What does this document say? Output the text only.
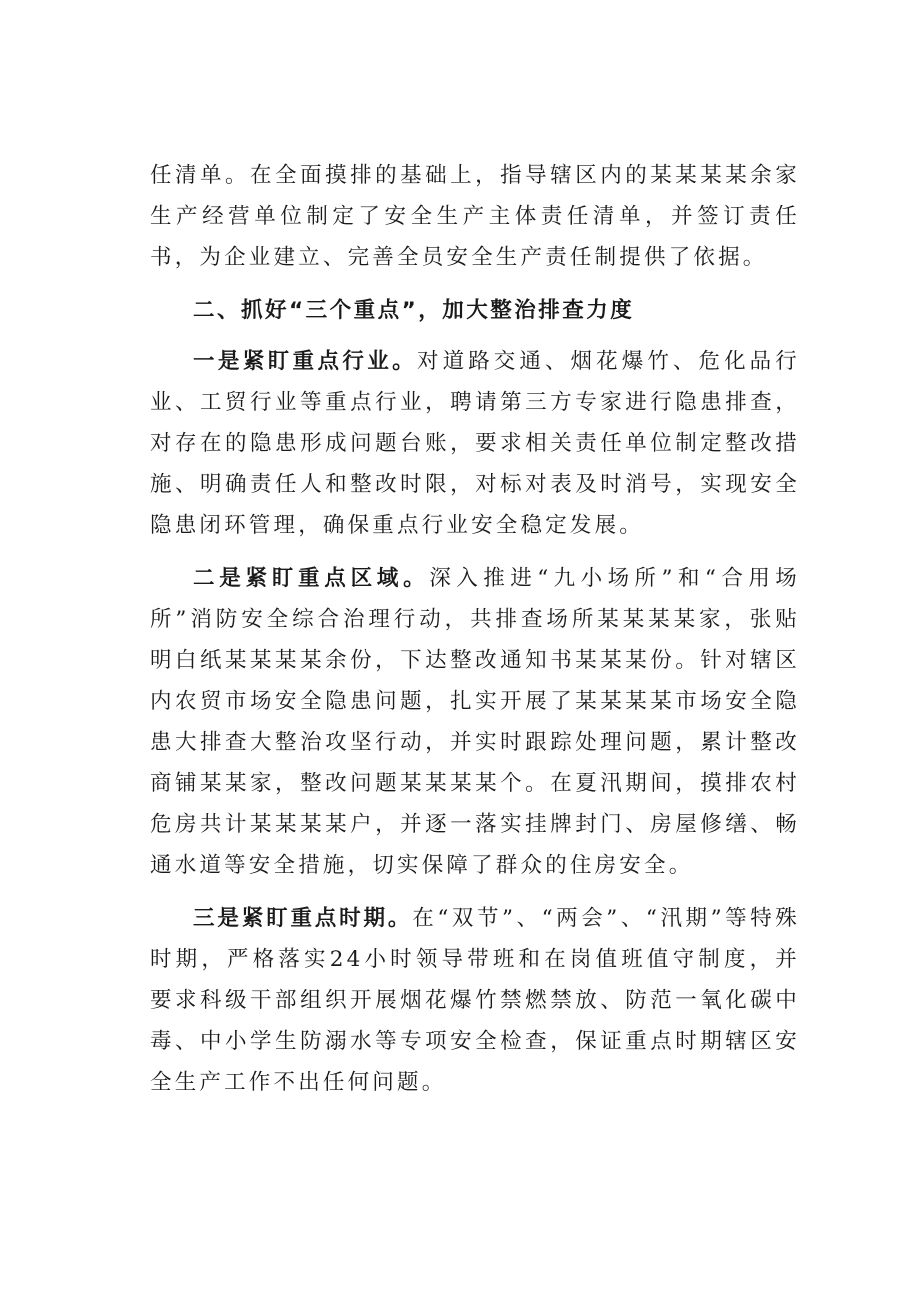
任清单。在全面摸排的基础上，指导辖区内的某某某某余家生产经营单位制定了安全生产主体责任清单，并签订责任书，为企业建立、完善全员安全生产责任制提供了依据。

二、抓好“三个重点”，加大整治排查力度

一是紧盯重点行业。对道路交通、烟花爆竹、危化品行业、工贸行业等重点行业，聘请第三方专家进行隐患排查，对存在的隐患形成问题台账，要求相关责任单位制定整改措施、明确责任人和整改时限，对标对表及时消号，实现安全隐患闭环管理，确保重点行业安全稳定发展。

二是紧盯重点区域。深入推进“九小场所”和“合用场所”消防安全综合治理行动，共排查场所某某某某家，张贴明白纸某某某某余份，下达整改通知书某某某份。针对辖区内农贸市场安全隐患问题，扎实开展了某某某某市场安全隐患大排查大整治攻坚行动，并实时跟踪处理问题，累计整改商铺某某家，整改问题某某某某个。在夏汛期间，摸排农村危房共计某某某某户，并逐一落实挂牌封门、房屋修缮、畅通水道等安全措施，切实保障了群众的住房安全。

三是紧盯重点时期。在“双节”、“两会”、“汛期”等特殊时期，严格落实24小时领导带班和在岗值班值守制度，并要求科级干部组织开展烟花爆竹禁燃禁放、防范一氧化碳中毒、中小学生防溺水等专项安全检查，保证重点时期辖区安全生产工作不出任何问题。
